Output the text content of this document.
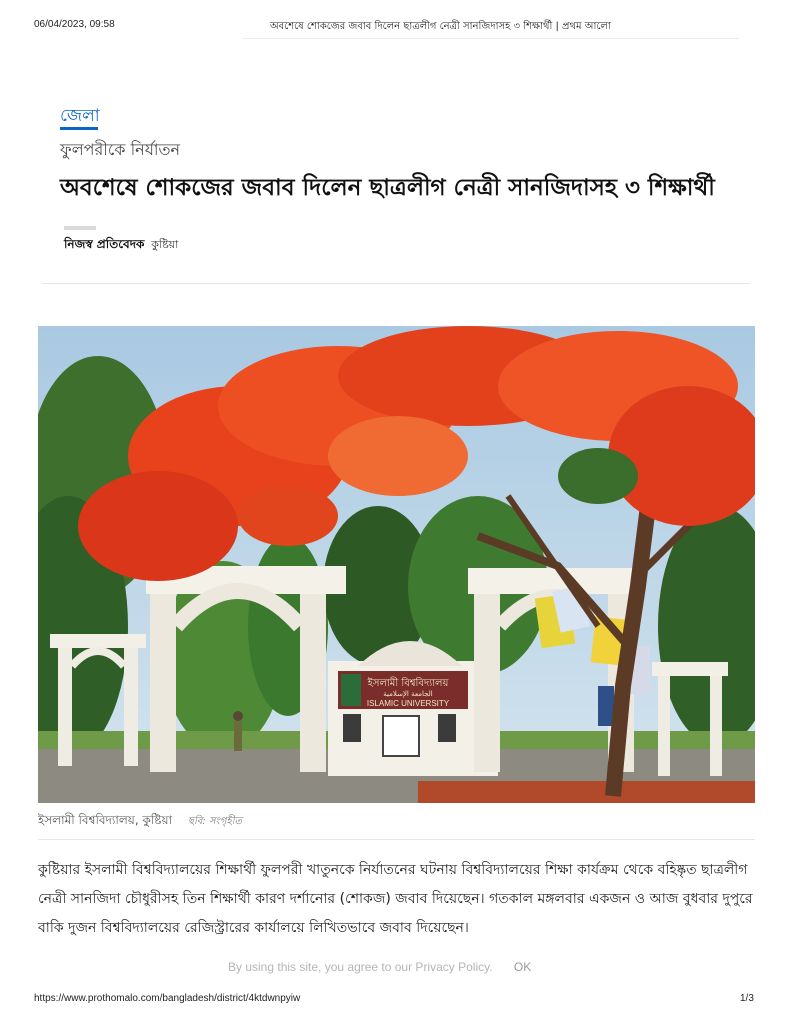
06/04/2023, 09:58	অবশেষে শোকজের জবাব দিলেন ছাত্রলীগ নেত্রী সানজিদাসহ ৩ শিক্ষার্থী | প্রথম আলো
জেলা
ফুলপরীকে নির্যাতন
অবশেষে শোকজের জবাব দিলেন ছাত্রলীগ নেত্রী সানজিদাসহ ৩ শিক্ষার্থী
নিজস্ব প্রতিবেদক কুষ্টিয়া
ইসলামী বিশ্ববিদ্যালয়
الجامعة الإسلامية
ISLAMIC UNIVERSITY
ইসলামী বিশ্ববিদ্যালয়, কুষ্টিয়া ছবি: সংগৃহীত

কুষ্টিয়ার ইসলামী বিশ্ববিদ্যালয়ের শিক্ষার্থী ফুলপরী খাতুনকে নির্যাতনের ঘটনায় বিশ্ববিদ্যালয়ের শিক্ষা কার্যক্রম থেকে বহিষ্কৃত ছাত্রলীগ নেত্রী সানজিদা চৌধুরীসহ তিন শিক্ষার্থী কারণ দর্শানোর (শোকজ) জবাব দিয়েছেন। গতকাল মঙ্গলবার একজন ও আজ বুধবার দুপুরে বাকি দুজন বিশ্ববিদ্যালয়ের রেজিস্ট্রারের কার্যালয়ে লিখিতভাবে জবাব দিয়েছেন।

By using this site, you agree to our Privacy Policy. OK
https://www.prothomalo.com/bangladesh/district/4ktdwnpyiw	1/3
